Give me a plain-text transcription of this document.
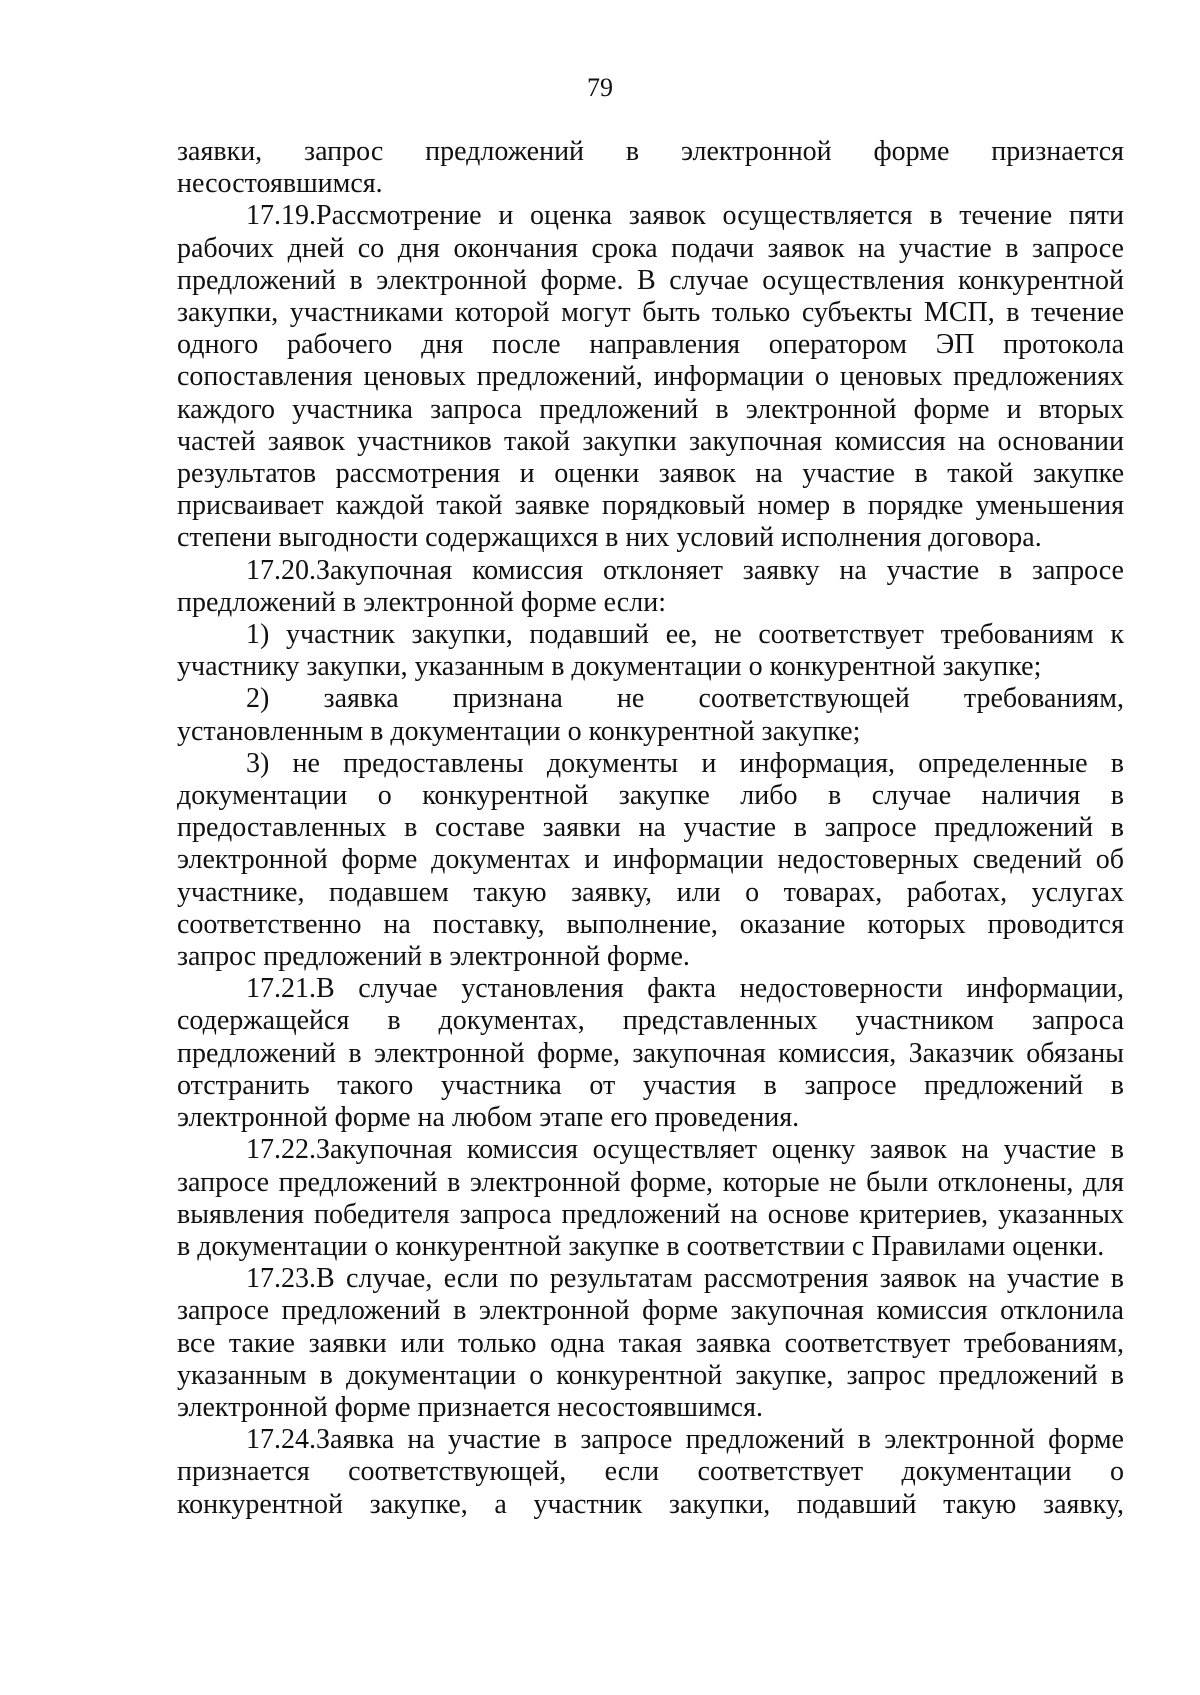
79
заявки, запрос предложений в электронной форме признается
несостоявшимся.
17.19.Рассмотрение и оценка заявок осуществляется в течение пяти
рабочих дней со дня окончания срока подачи заявок на участие в запросе
предложений в электронной форме. В случае осуществления конкурентной
закупки, участниками которой могут быть только субъекты МСП, в течение
одного рабочего дня после направления оператором ЭП протокола
сопоставления ценовых предложений, информации о ценовых предложениях
каждого участника запроса предложений в электронной форме и вторых
частей заявок участников такой закупки закупочная комиссия на основании
результатов рассмотрения и оценки заявок на участие в такой закупке
присваивает каждой такой заявке порядковый номер в порядке уменьшения
степени выгодности содержащихся в них условий исполнения договора.
17.20.Закупочная комиссия отклоняет заявку на участие в запросе
предложений в электронной форме если:
1) участник закупки, подавший ее, не соответствует требованиям к
участнику закупки, указанным в документации о конкурентной закупке;
2) заявка признана не соответствующей требованиям,
установленным в документации о конкурентной закупке;
3) не предоставлены документы и информация, определенные в
документации о конкурентной закупке либо в случае наличия в
предоставленных в составе заявки на участие в запросе предложений в
электронной форме документах и информации недостоверных сведений об
участнике, подавшем такую заявку, или о товарах, работах, услугах
соответственно на поставку, выполнение, оказание которых проводится
запрос предложений в электронной форме.
17.21.В случае установления факта недостоверности информации,
содержащейся в документах, представленных участником запроса
предложений в электронной форме, закупочная комиссия, Заказчик обязаны
отстранить такого участника от участия в запросе предложений в
электронной форме на любом этапе его проведения.
17.22.Закупочная комиссия осуществляет оценку заявок на участие в
запросе предложений в электронной форме, которые не были отклонены, для
выявления победителя запроса предложений на основе критериев, указанных
в документации о конкурентной закупке в соответствии с Правилами оценки.
17.23.В случае, если по результатам рассмотрения заявок на участие в
запросе предложений в электронной форме закупочная комиссия отклонила
все такие заявки или только одна такая заявка соответствует требованиям,
указанным в документации о конкурентной закупке, запрос предложений в
электронной форме признается несостоявшимся.
17.24.Заявка на участие в запросе предложений в электронной форме
признается соответствующей, если соответствует документации о
конкурентной закупке, а участник закупки, подавший такую заявку,
